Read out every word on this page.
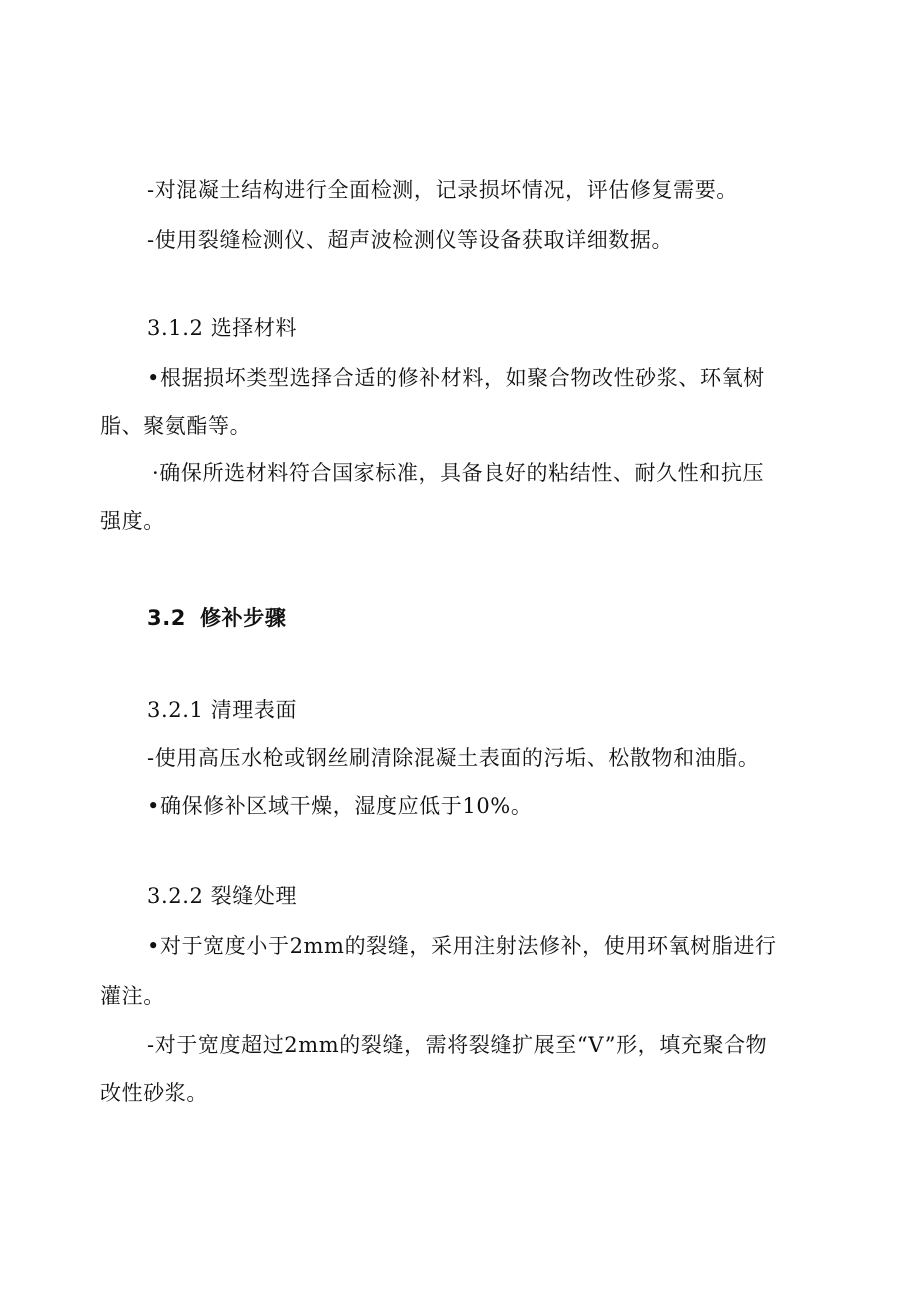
-对混凝土结构进行全面检测，记录损坏情况，评估修复需要。
-使用裂缝检测仪、超声波检测仪等设备获取详细数据。
3.1.2 选择材料
•根据损坏类型选择合适的修补材料，如聚合物改性砂浆、环氧树
脂、聚氨酯等。
·确保所选材料符合国家标准，具备良好的粘结性、耐久性和抗压
强度。
3.2 修补步骤
3.2.1 清理表面
-使用高压水枪或钢丝刷清除混凝土表面的污垢、松散物和油脂。
•确保修补区域干燥，湿度应低于10%。
3.2.2 裂缝处理
•对于宽度小于2mm的裂缝，采用注射法修补，使用环氧树脂进行
灌注。
-对于宽度超过2mm的裂缝，需将裂缝扩展至“V”形，填充聚合物
改性砂浆。
